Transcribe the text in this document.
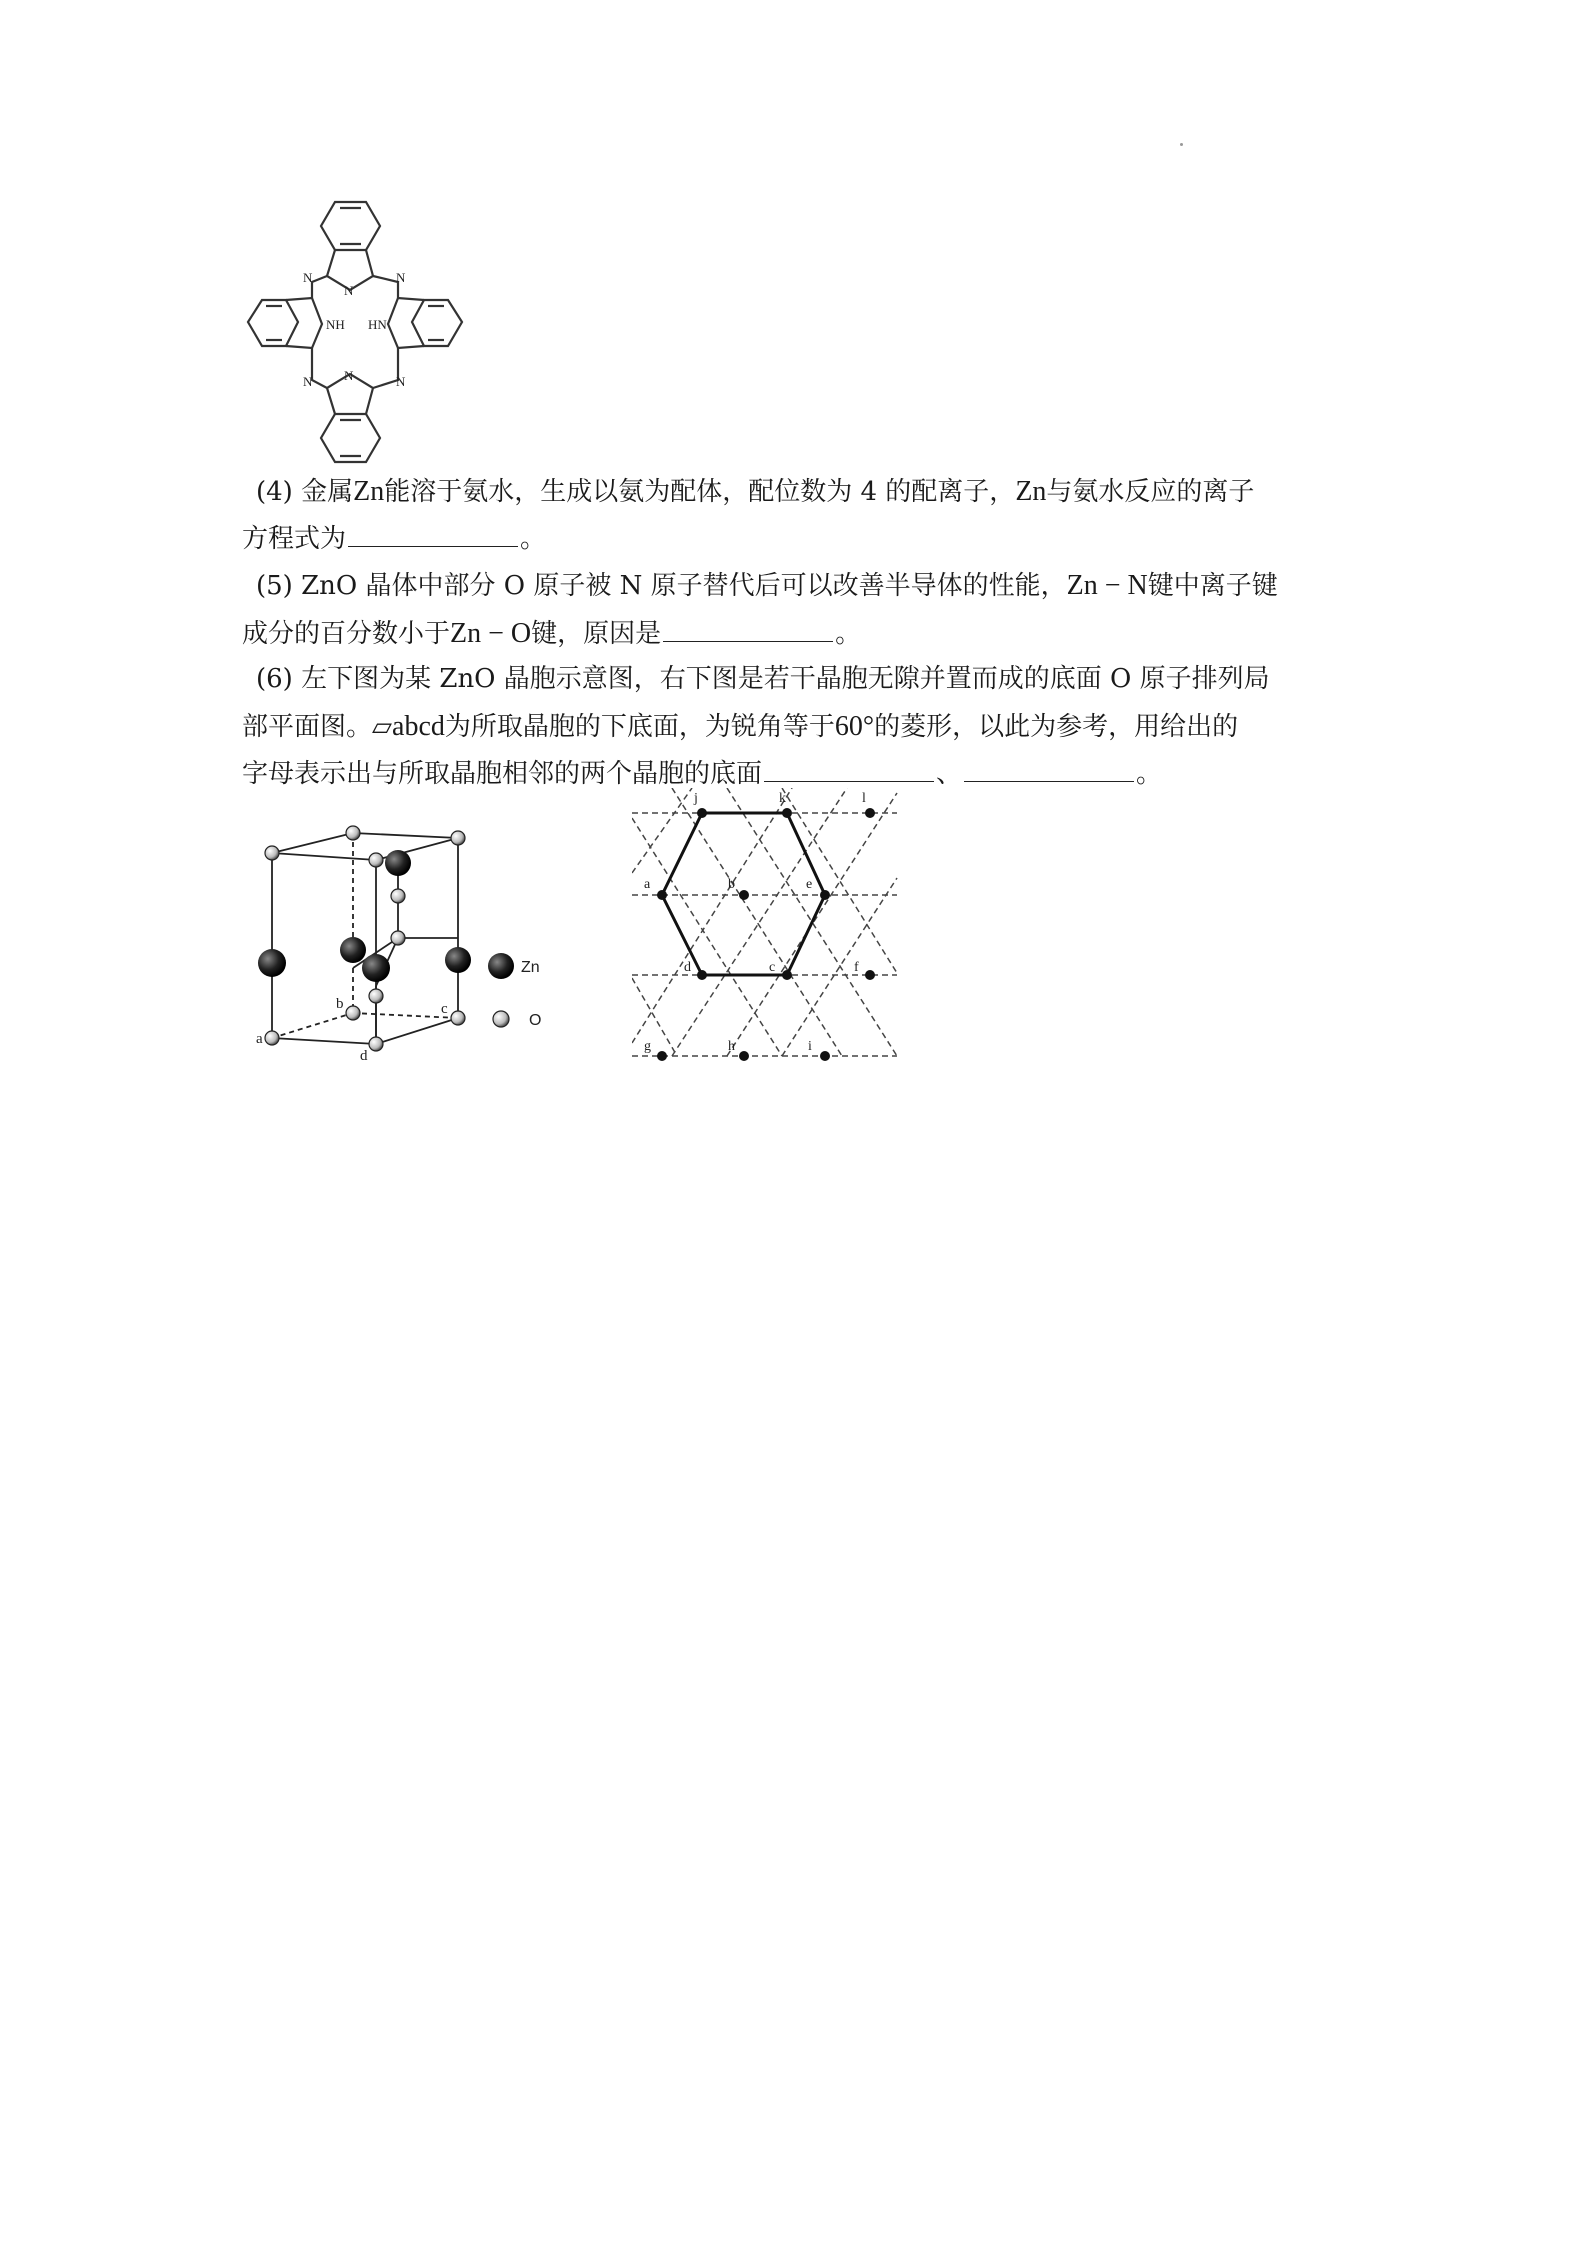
N
N
N
NH HN
N N	N
(4) 金属Zn能溶于氨水，生成以氨为配体，配位数为 4 的配离子，Zn与氨水反应的离子
方程式为	。
(5) ZnO 晶体中部分 O 原子被 N 原子替代后可以改善半导体的性能，Zn − N键中离子键
成分的百分数小于Zn − O键，原因是	。
(6) 左下图为某 ZnO 晶胞示意图，右下图是若干晶胞无隙并置而成的底面 O 原子排列局
部平面图。▱abcd为所取晶胞的下底面，为锐角等于60°的菱形，以此为参考，用给出的
字母表示出与所取晶胞相邻的两个晶胞的底面	、	。
a
b	c
d
Zn
O
j	k	l
a	b	e
d	c	f
g	h	i
